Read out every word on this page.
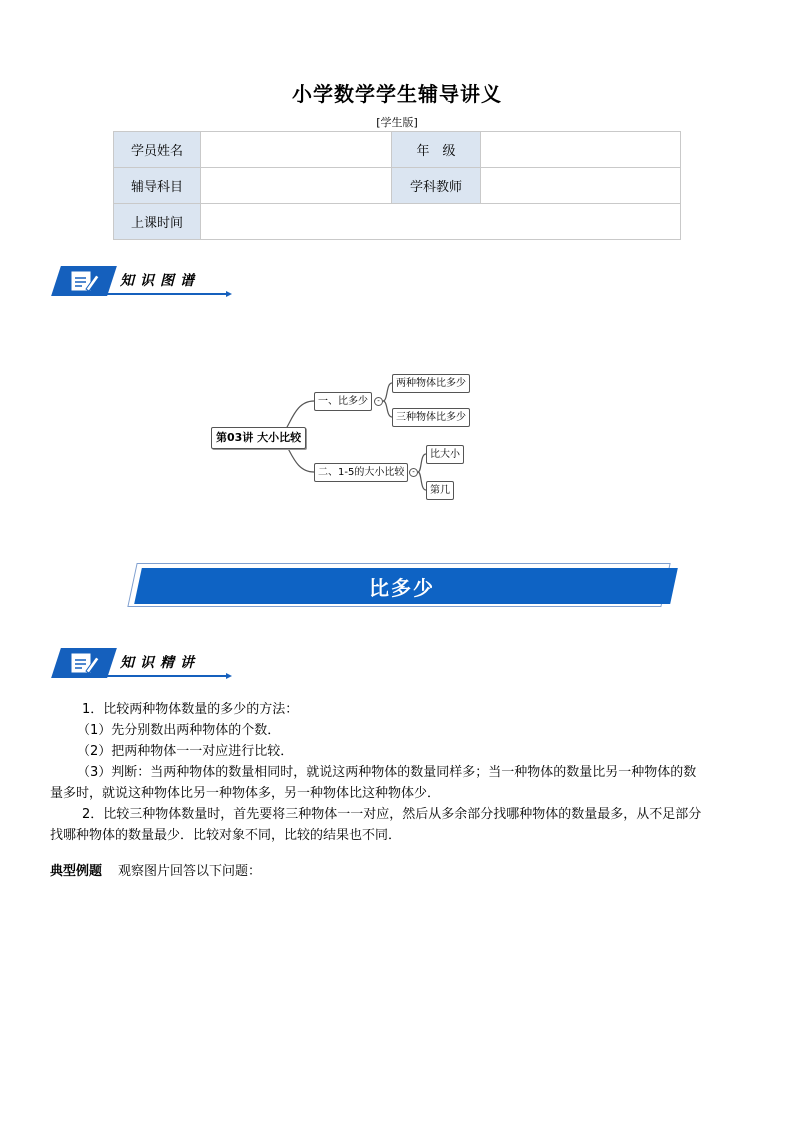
小学数学学生辅导讲义
[学生版]
学员姓名		年　级	
辅导科目		学科教师	
上课时间			
知识图谱
第03讲 大小比较
一、比多少	-
两种物体比多少
三种物体比多少
二、1-5的大小比较	-
比大小
第几
比多少
知识精讲
1．比较两种物体数量的多少的方法：
（1）先分别数出两种物体的个数．
（2）把两种物体一一对应进行比较．
（3）判断：当两种物体的数量相同时，就说这两种物体的数量同样多；当一种物体的数量比另一种物体的数
量多时，就说这种物体比另一种物体多，另一种物体比这种物体少．
2．比较三种物体数量时，首先要将三种物体一一对应，然后从多余部分找哪种物体的数量最多，从不足部分
找哪种物体的数量最少．比较对象不同，比较的结果也不同．
典型例题 观察图片回答以下问题：
